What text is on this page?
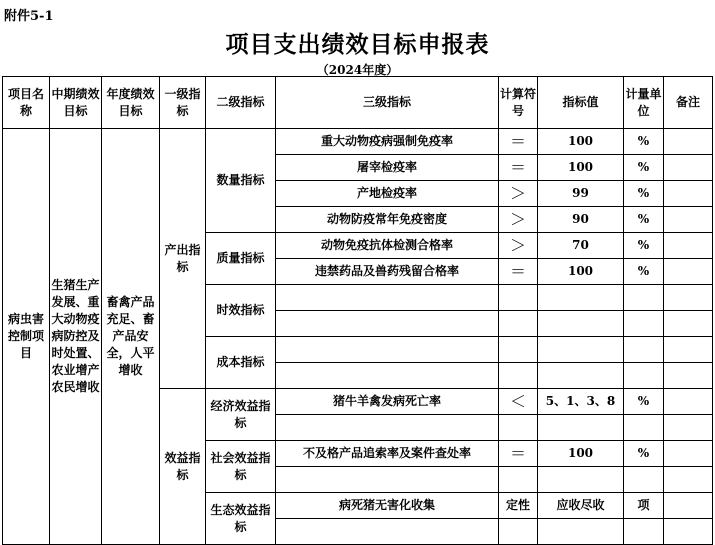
附件5-1
项目支出绩效目标申报表
（2024年度）
项目名称	中期绩效目标	年度绩效目标	一级指标	二级指标	三级指标	计算符号	指标值	计量单位	备注
病虫害控制项目	生猪生产发展、重大动物疫病防控及时处置、农业增产农民增收	畜禽产品充足、畜产品安全，人平增收	产出指标	数量指标	重大动物疫病强制免疫率	＝	100	%	
					屠宰检疫率	＝	100	%	
					产地检疫率	＞	99	%	
					动物防疫常年免疫密度	＞	90	%	
				质量指标	动物免疫抗体检测合格率	＞	70	%	
					违禁药品及兽药残留合格率	＝	100	%	
				时效指标					

				成本指标					

			效益指标	经济效益指标	猪牛羊禽发病死亡率	＜	5、1、3、8	%	

				社会效益指标	不及格产品追索率及案件查处率	＝	100	%	

				生态效益指标	病死猪无害化收集	定性	应收尽收	项	
